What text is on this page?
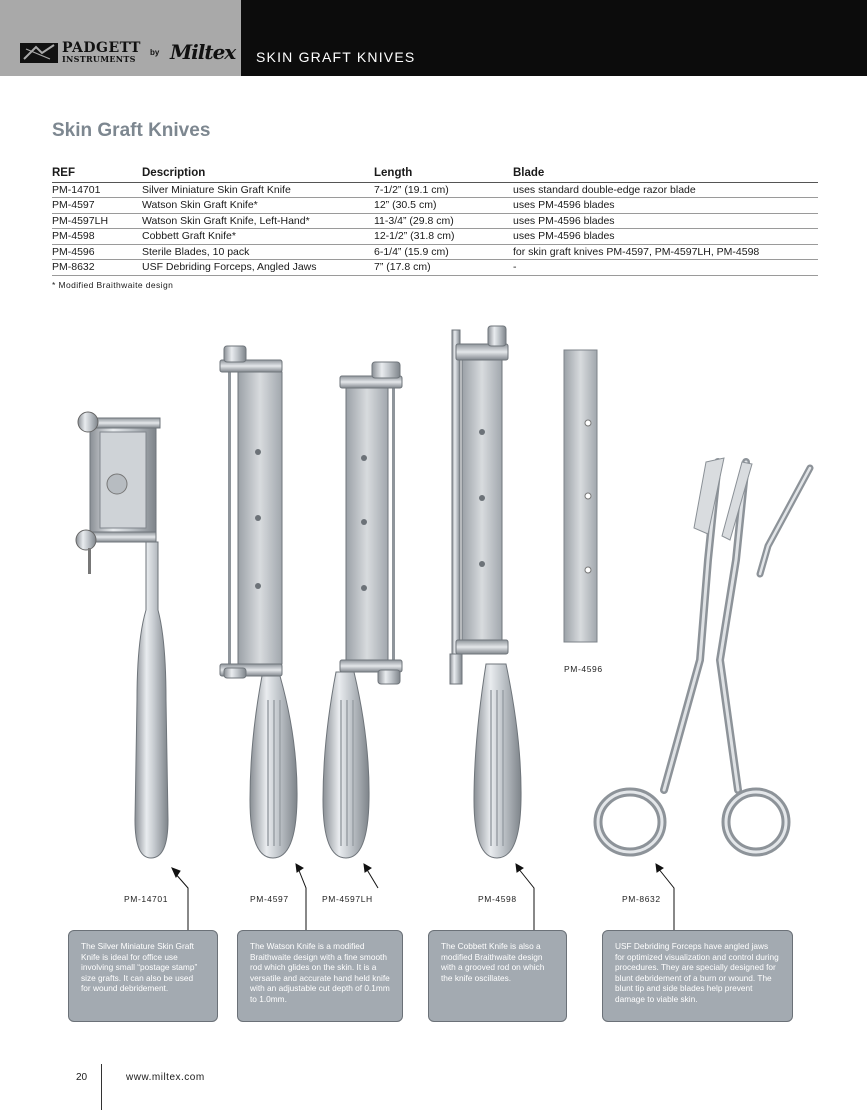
PADGETT
INSTRUMENTS
by Miltex SKIN GRAFT KNIVES
Skin Graft Knives
REF	Description	Length	Blade
PM-14701	Silver Miniature Skin Graft Knife	7-1/2” (19.1 cm)	uses standard double-edge razor blade
PM-4597	Watson Skin Graft Knife*	12” (30.5 cm)	uses PM-4596 blades
PM-4597LH	Watson Skin Graft Knife, Left-Hand*	11-3/4” (29.8 cm)	uses PM-4596 blades
PM-4598	Cobbett Graft Knife*	12-1/2” (31.8 cm)	uses PM-4596 blades
PM-4596	Sterile Blades, 10 pack	6-1/4” (15.9 cm)	for skin graft knives PM-4597, PM-4597LH, PM-4598
PM-8632	USF Debriding Forceps, Angled Jaws	7” (17.8 cm)	-
* Modified Braithwaite design
PM-14701	PM-4597	PM-4597LH	PM-4598
PM-4596
PM-8632
The Silver Miniature Skin Graft Knife is ideal for office use involving small “postage stamp” size grafts. It can also be used for wound debridement.
The Watson Knife is a modified Braithwaite design with a fine smooth rod which glides on the skin. It is a versatile and accurate hand held knife with an adjustable cut depth of 0.1mm to 1.0mm.
The Cobbett Knife is also a modified Braithwaite design with a grooved rod on which the knife oscillates.
USF Debriding Forceps have angled jaws for optimized visualization and control during procedures. They are specially designed for blunt debridement of a burn or wound. The blunt tip and side blades help prevent damage to viable skin.
20	www.miltex.com
